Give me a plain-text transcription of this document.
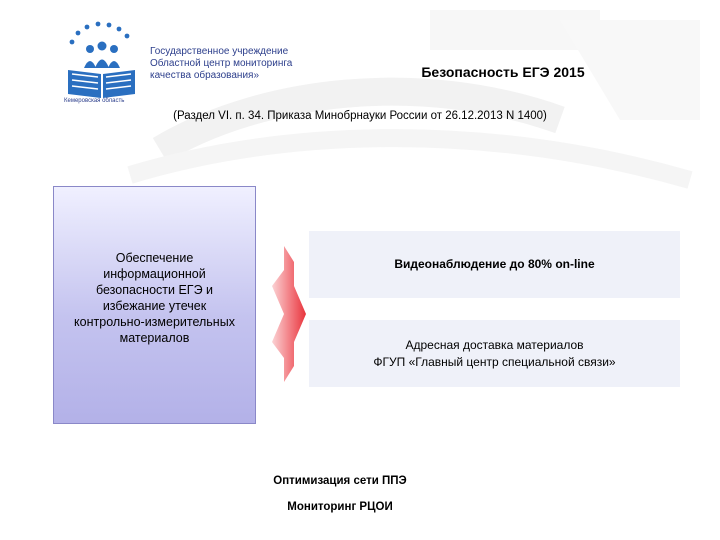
Государственное учреждение
Областной центр мониторинга
качества образования»
Кемеровская область
Безопасность ЕГЭ 2015
(Раздел VI. п. 34. Приказа Минобрнауки России от 26.12.2013 N 1400)
Обеспечение
информационной
безопасности ЕГЭ и
избежание утечек
контрольно-измерительных
материалов
Видеонаблюдение до 80% on-line
Адресная доставка материалов
ФГУП «Главный центр специальной связи»
Оптимизация сети ППЭ
Мониторинг РЦОИ
